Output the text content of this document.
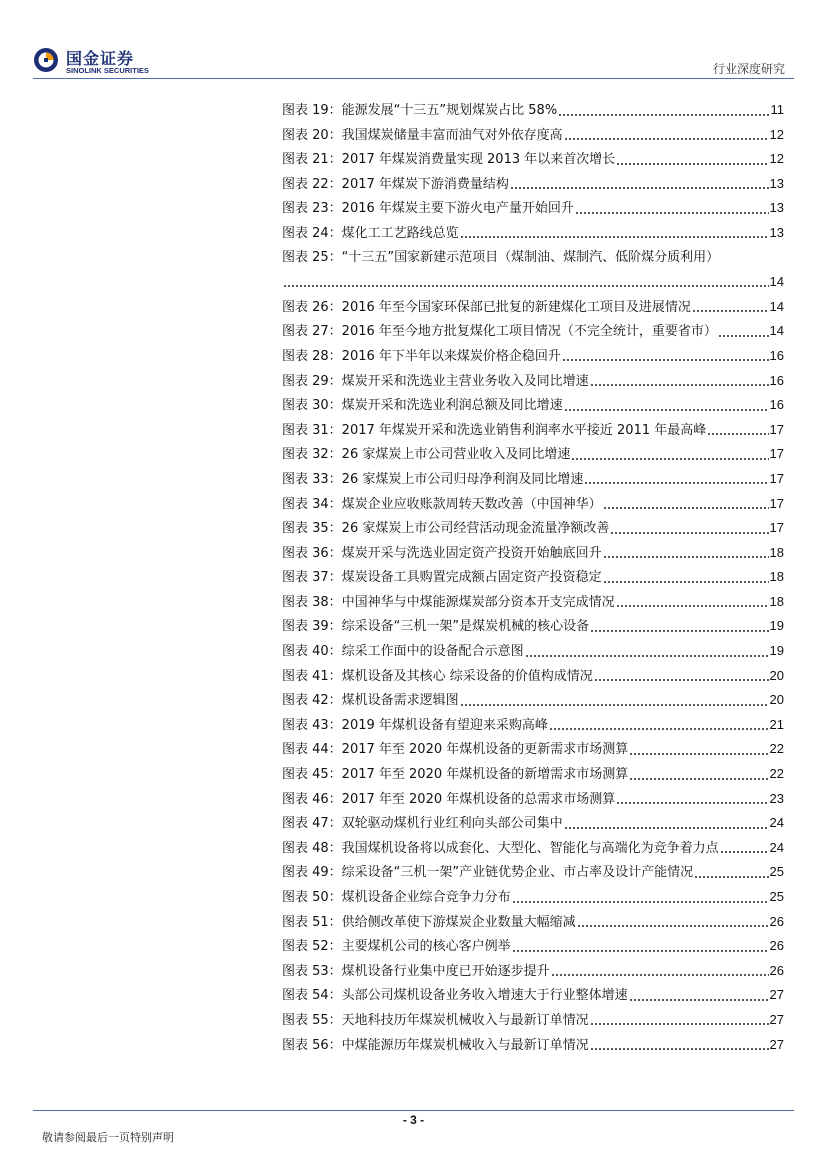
国金证券
SINOLINK SECURITIES	行业深度研究
图表 19：能源发展“十三五”规划煤炭占比 58%	11
图表 20：我国煤炭储量丰富而油气对外依存度高	12
图表 21：2017 年煤炭消费量实现 2013 年以来首次增长	12
图表 22：2017 年煤炭下游消费量结构	13
图表 23：2016 年煤炭主要下游火电产量开始回升	13
图表 24：煤化工工艺路线总览	13
图表 25：“十三五”国家新建示范项目（煤制油、煤制汽、低阶煤分质利用）
14
图表 26：2016 年至今国家环保部已批复的新建煤化工项目及进展情况	14
图表 27：2016 年至今地方批复煤化工项目情况（不完全统计，重要省市）	14
图表 28：2016 年下半年以来煤炭价格企稳回升	16
图表 29：煤炭开采和洗选业主营业务收入及同比增速	16
图表 30：煤炭开采和洗选业利润总额及同比增速	16
图表 31：2017 年煤炭开采和洗选业销售利润率水平接近 2011 年最高峰	17
图表 32：26 家煤炭上市公司营业收入及同比增速	17
图表 33：26 家煤炭上市公司归母净利润及同比增速	17
图表 34：煤炭企业应收账款周转天数改善（中国神华）	17
图表 35：26 家煤炭上市公司经营活动现金流量净额改善	17
图表 36：煤炭开采与洗选业固定资产投资开始触底回升	18
图表 37：煤炭设备工具购置完成额占固定资产投资稳定	18
图表 38：中国神华与中煤能源煤炭部分资本开支完成情况	18
图表 39：综采设备“三机一架”是煤炭机械的核心设备	19
图表 40：综采工作面中的设备配合示意图	19
图表 41：煤机设备及其核心 综采设备的价值构成情况	20
图表 42：煤机设备需求逻辑图	20
图表 43：2019 年煤机设备有望迎来采购高峰	21
图表 44：2017 年至 2020 年煤机设备的更新需求市场测算	22
图表 45：2017 年至 2020 年煤机设备的新增需求市场测算	22
图表 46：2017 年至 2020 年煤机设备的总需求市场测算	23
图表 47：双轮驱动煤机行业红利向头部公司集中	24
图表 48：我国煤机设备将以成套化、大型化、智能化与高端化为竞争着力点	24
图表 49：综采设备“三机一架”产业链优势企业、市占率及设计产能情况	25
图表 50：煤机设备企业综合竞争力分布	25
图表 51：供给侧改革使下游煤炭企业数量大幅缩减	26
图表 52：主要煤机公司的核心客户例举	26
图表 53：煤机设备行业集中度已开始逐步提升	26
图表 54：头部公司煤机设备业务收入增速大于行业整体增速	27
图表 55：天地科技历年煤炭机械收入与最新订单情况	27
图表 56：中煤能源历年煤炭机械收入与最新订单情况	27
- 3 -
敬请参阅最后一页特别声明
